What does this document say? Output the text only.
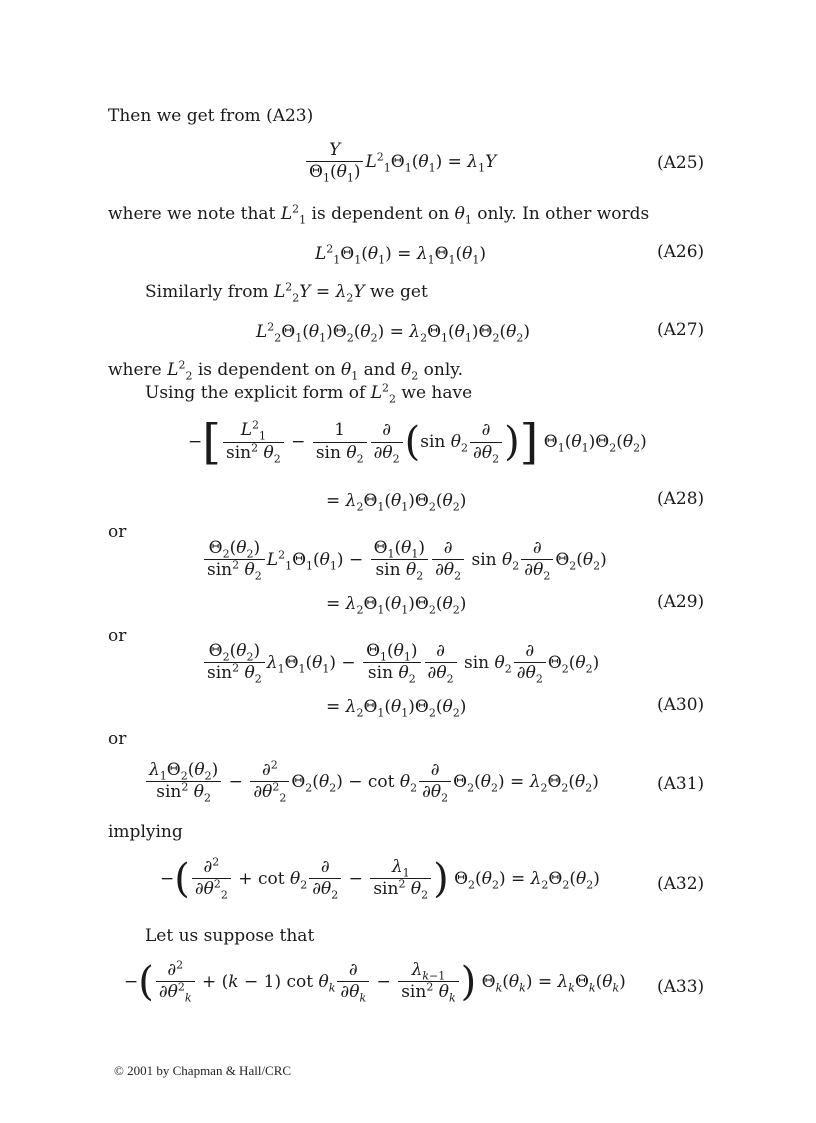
Then we get from (A23)
$\frac{Y}{\Theta_1(\theta_1)} L^2_1\Theta_1(\theta_1) = \lambda_1Y$	(A25)
where we note that $L^2_1$ is dependent on $\theta_1$ only. In other words
$L^2_1\Theta_1(\theta_1) = \lambda_1\Theta_1(\theta_1)$	(A26)
Similarly from $L^2_2Y = \lambda_2Y$ we get
$L^2_2\Theta_1(\theta_1)\Theta_2(\theta_2) = \lambda_2\Theta_1(\theta_1)\Theta_2(\theta_2)$	(A27)
where $L^2_2$ is dependent on $\theta_1$ and $\theta_2$ only.
Using the explicit form of $L^2_2$ we have
−[ $\frac{L^2_1}{\sin^2 \theta_2} - \frac{1}{\sin \theta_2} \frac{\partial}{\partial\theta_2} (\sin$ $\theta_2 \frac{\partial}{\partial\theta_2}$ )] $\Theta_1(\theta_1)\Theta_2(\theta_2)$
= $\lambda_2\Theta_1(\theta_1)\Theta_2(\theta_2)$	(A28)
or
$\frac{\Theta_2(\theta_2)}{\sin^2 \theta_2} L^2_1\Theta_1(\theta_1) - \frac{\Theta_1(\theta_1)}{\sin \theta_2} \frac{\partial}{\partial\theta_2}$ $\sin \theta_2 \frac{\partial}{\partial\theta_2} \Theta_2(\theta_2)$
= $\lambda_2\Theta_1(\theta_1)\Theta_2(\theta_2)$	(A29)
or
$\frac{\Theta_2(\theta_2)}{\sin^2 \theta_2} \lambda_1\Theta_1(\theta_1) - \frac{\Theta_1(\theta_1)}{\sin \theta_2} \frac{\partial}{\partial\theta_2}$ $\sin \theta_2 \frac{\partial}{\partial\theta_2} \Theta_2(\theta_2)$
= $\lambda_2\Theta_1(\theta_1)\Theta_2(\theta_2)$	(A30)
or
$\frac{\lambda_1\Theta_2(\theta_2)}{\sin^2 \theta_2} - \frac{\partial^2}{\partial\theta^2_2} \Theta_2(\theta_2) - \cot \theta_2 \frac{\partial}{\partial\theta_2} \Theta_2(\theta_2) = \lambda_2\Theta_2(\theta_2)$	(A31)
implying
−( $\frac{\partial^2}{\partial\theta^2_2} + \cot \theta_2 \frac{\partial}{\partial\theta_2} - \frac{\lambda_1}{\sin^2 \theta_2}$ ) $\Theta_2(\theta_2) = \lambda_2\Theta_2(\theta_2)$	(A32)
Let us suppose that
−( $\frac{\partial^2}{\partial\theta^2_k} + (k - 1)$ $\cot \theta_k \frac{\partial}{\partial\theta_k} - \frac{\lambda_{k-1}}{\sin^2 \theta_k}$ ) $\Theta_k(\theta_k) = \lambda_k\Theta_k(\theta_k)$ (A33)
© 2001 by Chapman & Hall/CRC
